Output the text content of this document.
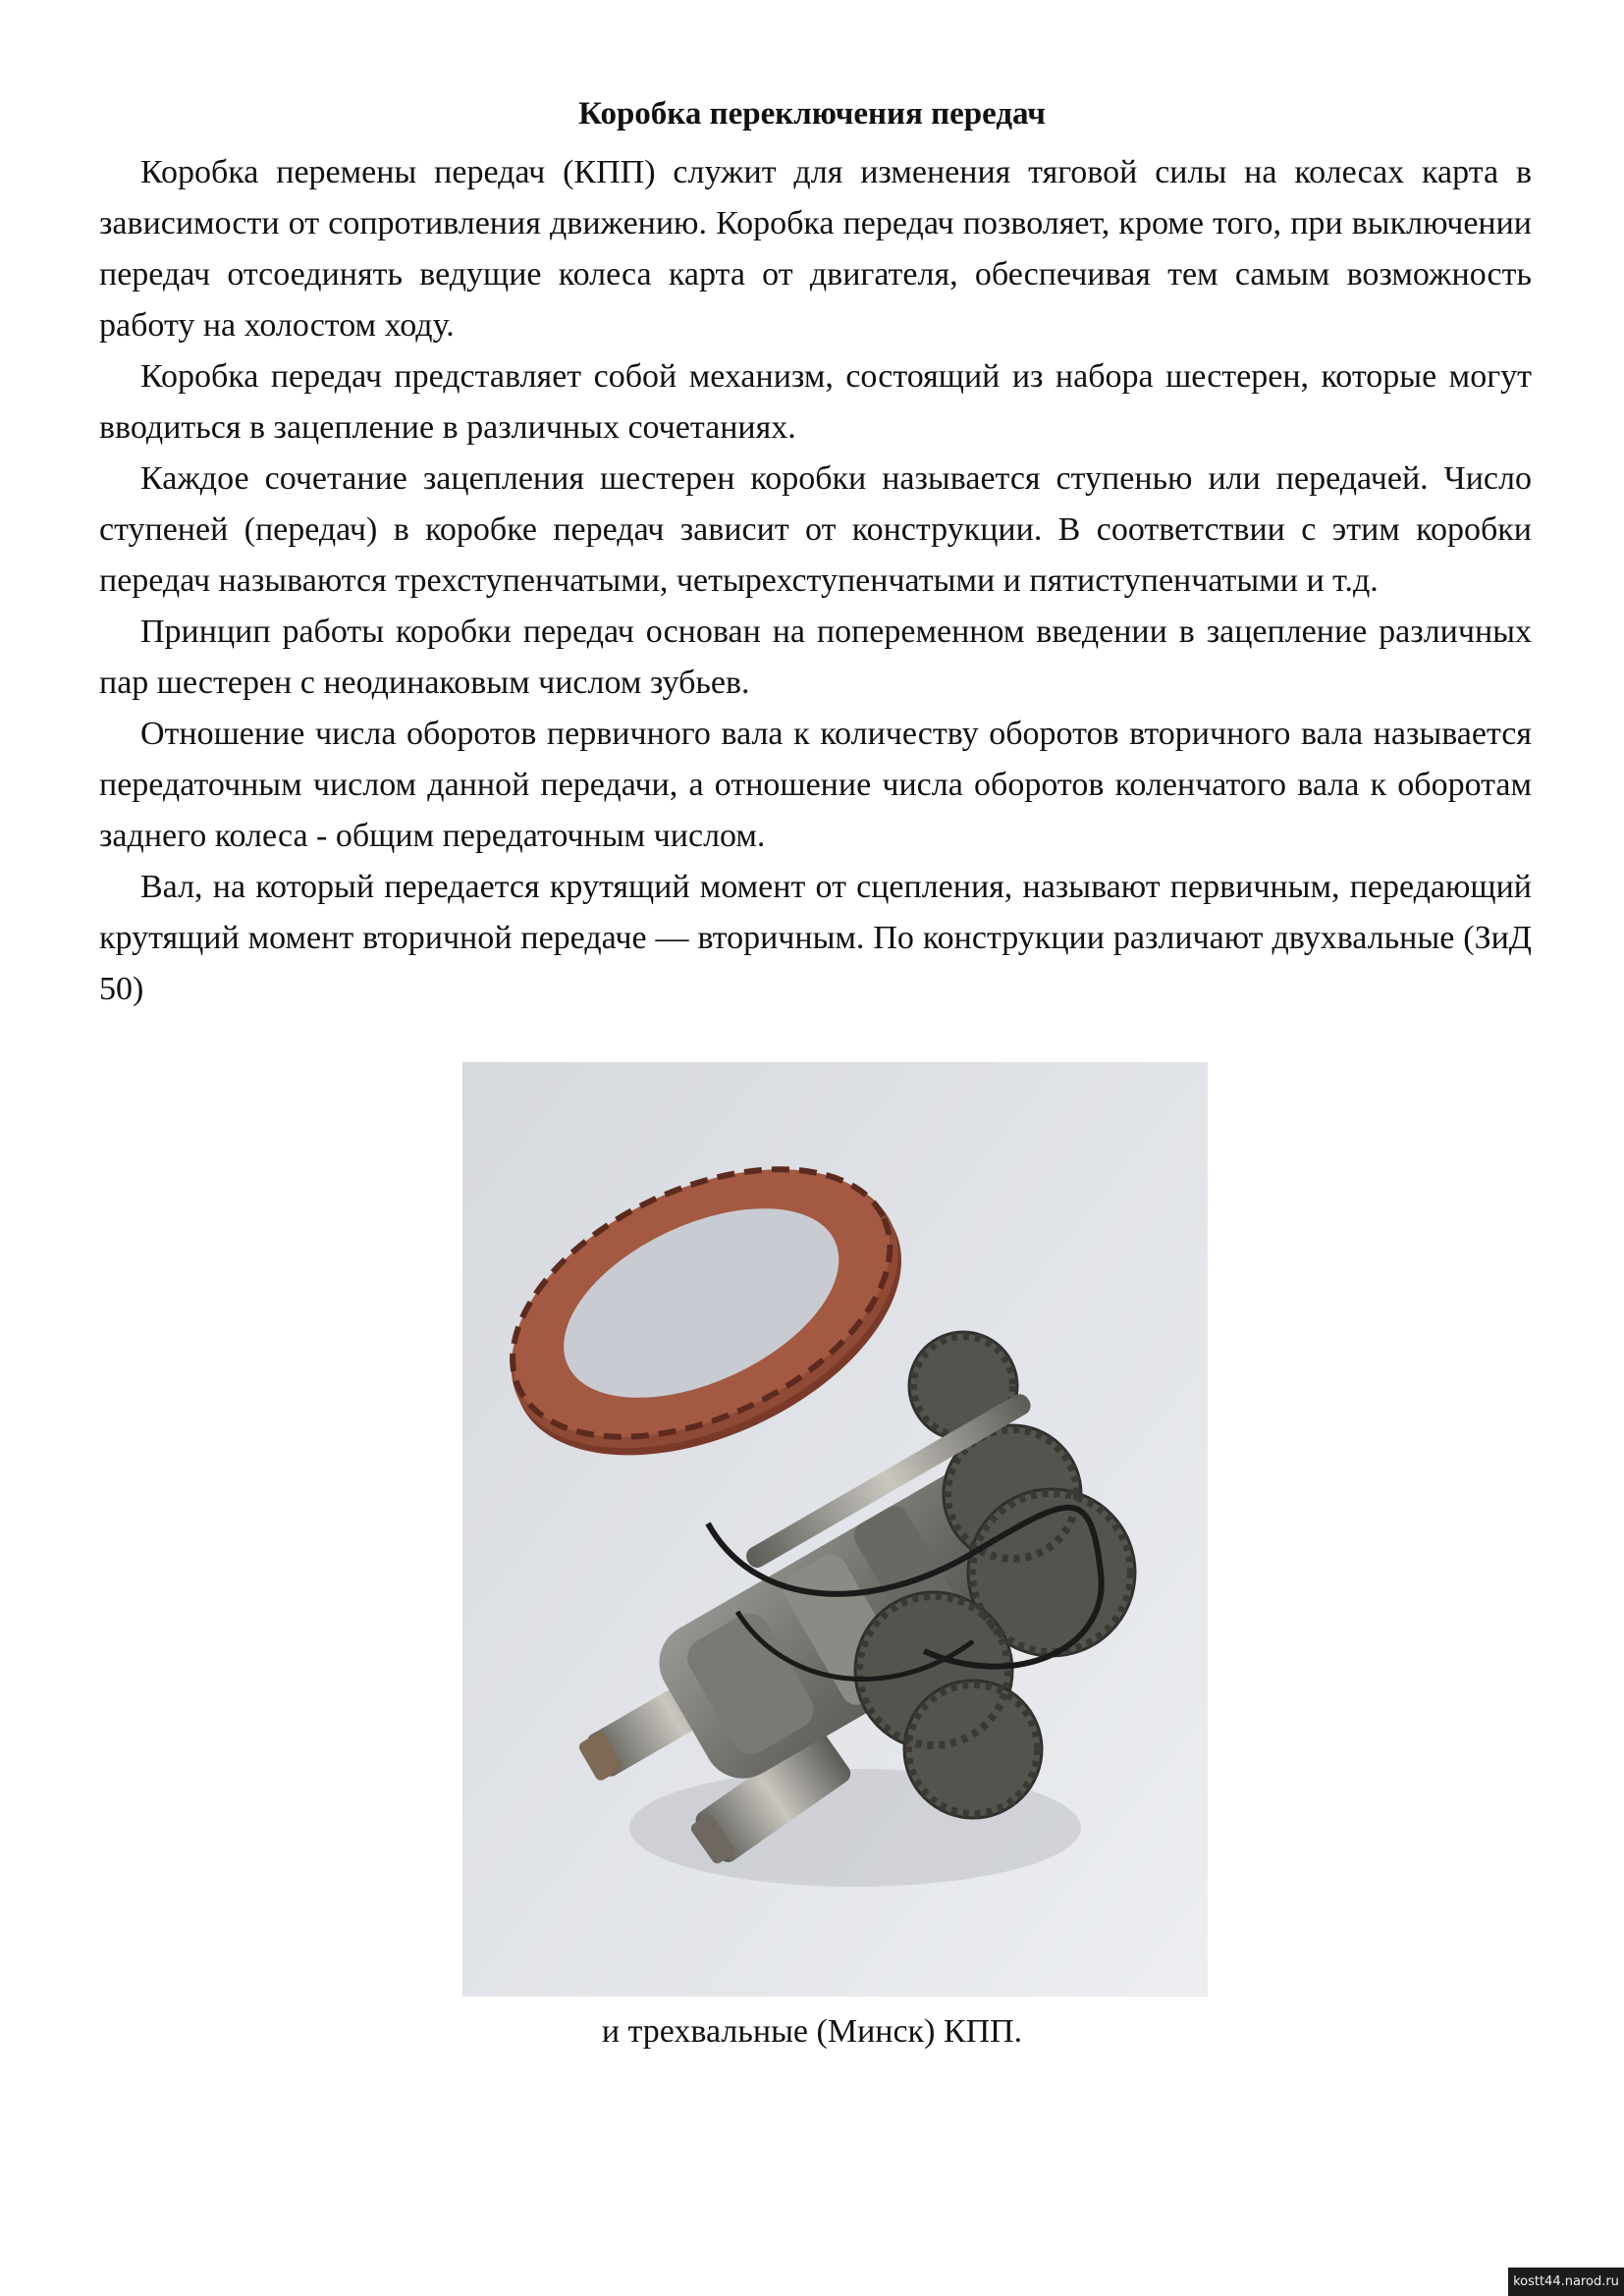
Коробка переключения передач

Коробка перемены передач (КПП) служит для изменения тяговой силы на колесах карта в зависимости от сопротивления движению. Коробка передач позволяет, кроме того, при выключении передач отсоединять ведущие колеса карта от двигателя, обеспечивая тем самым возможность работу на холостом ходу.

Коробка передач представляет собой механизм, состоящий из набора шестерен, которые могут вводиться в зацепление в различных сочетаниях.

Каждое сочетание зацепления шестерен коробки называется ступенью или передачей. Число ступеней (передач) в коробке передач зависит от конструкции. В соответствии с этим коробки передач называются трехступенчатыми, четырехступенчатыми и пятиступенчатыми и т.д.

Принцип работы коробки передач основан на попеременном введении в зацепление различных пар шестерен с неодинаковым числом зубьев.

Отношение числа оборотов первичного вала к количеству оборотов вторичного вала называется передаточным числом данной передачи, а отношение числа оборотов коленчатого вала к оборотам заднего колеса - общим передаточным числом.

Вал, на который передается крутящий момент от сцепления, называют первичным, передающий крутящий момент вторичной передаче — вторичным. По конструкции различают двухвальные (ЗиД 50)

и трехвальные (Минск) КПП.
kostt44.narod.ru
